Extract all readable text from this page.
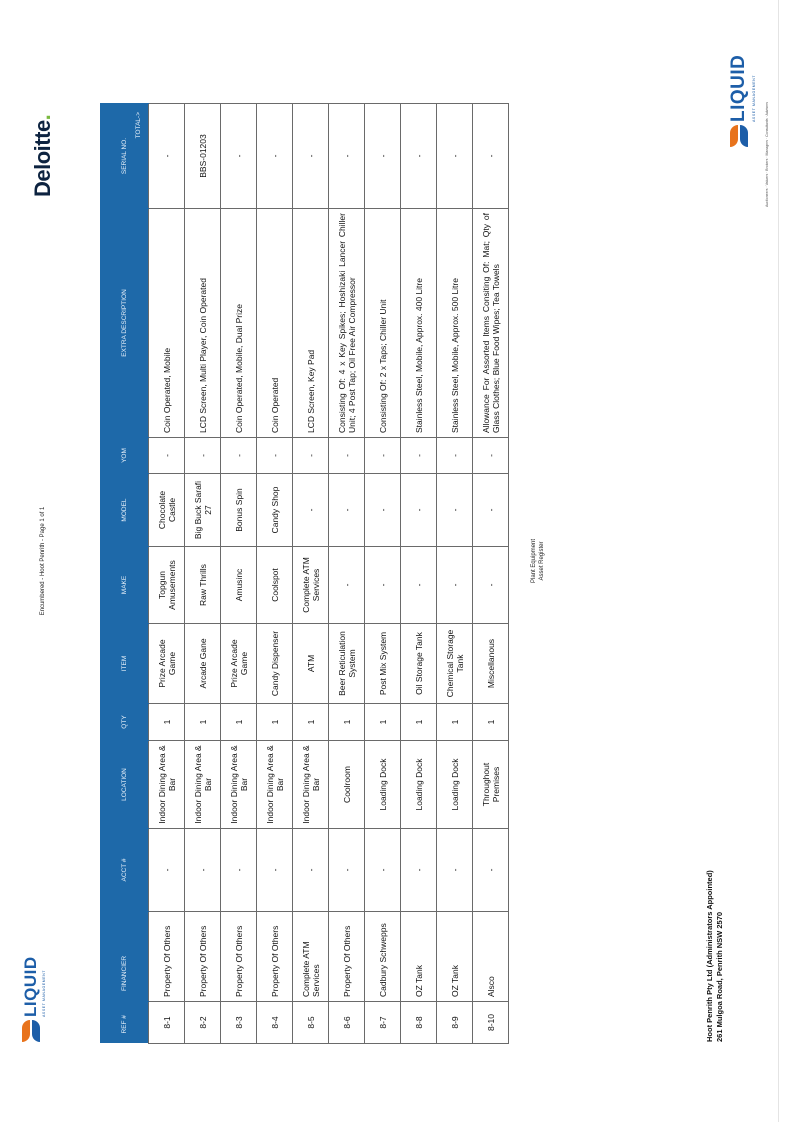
LIQUID ASSET MANAGEMENT
Auctioneers · Valuers · Brokers · Managers · Consultants · Advisers
LIQUID ASSET MANAGEMENT
Plant Equipment Asset Register
Hoot Penrith Pty Ltd (Administrators Appointed) 261 Mulgoa Road, Penrith NSW 2570
REF #	FINANCIER	ACCT #	LOCATION	QTY	ITEM	MAKE	MODEL	YOM	EXTRA DESCRIPTION	SERIAL NO.
TOTAL->

8-1	Property Of Others	-	Indoor Dining Area & Bar	1	Prize Arcade Game	Topgun Amusements	Chocolate Castle	-	Coin Operated, Mobile	-
8-2	Property Of Others	-	Indoor Dining Area & Bar	1	Arcade Gane	Raw Thrills	Big Buck Sarafi 27	-	LCD Screen, Multi Player, Coin Operated	BBS-01203
8-3	Property Of Others	-	Indoor Dining Area & Bar	1	Prize Arcade Game	Amusinc	Bonus Spin	-	Coin Operated, Mobile, Dual Prize	-
8-4	Property Of Others	-	Indoor Dining Area & Bar	1	Candy Dispenser	Coolspot	Candy Shop	-	Coin Operated	-
8-5	Complete ATM Services	-	Indoor Dining Area & Bar	1	ATM	Complete ATM Services	-	-	LCD Screen, Key Pad	-
8-6	Property Of Others	-	Coolroom	1	Beer Reticulation System	-	-	-	Consisting Of: 4 x Key Spikes; Hoshizaki Lancer Chiller Unit; 4 Post Tap; Oil Free Air Compressor	-
8-7	Cadbury Schwepps	-	Loading Dock	1	Post Mix System	-	-	-	Consisting Of: 2 x Taps; Chiller Unit	-
8-8	OZ Tank	-	Loading Dock	1	Oil Storage Tank	-	-	-	Stainless Steel, Mobile, Approx. 400 Litre	-
8-9	OZ Tank	-	Loading Dock	1	Chemical Storage Tank	-	-	-	Stainless Steel, Mobile, Approx. 500 Litre	-
8-10	Alsco	-	Throughout Premises	1	Miscellanous	-	-	-	Allowance For Assorted Items Consiting Of: Mat; Qty of Glass Clothes; Blue Food Wipes; Tea Towels	-
Encumbered - Hoot Penrith - Page 1 of 1
Deloitte.
